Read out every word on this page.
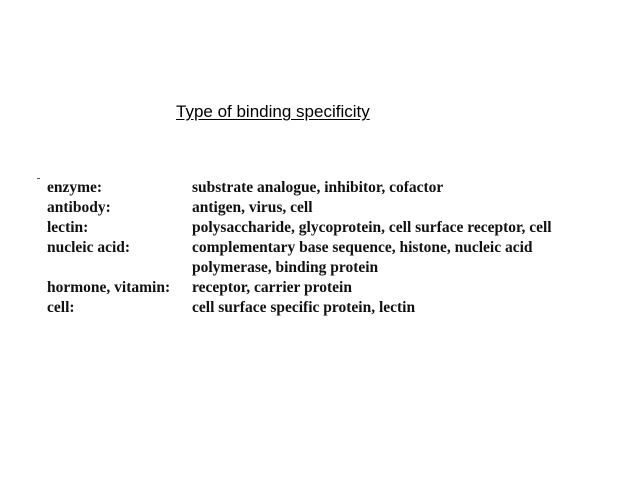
Type of binding specificity
enzyme:	substrate analogue, inhibitor, cofactor
antibody:	antigen, virus, cell
lectin:	polysaccharide, glycoprotein, cell surface receptor, cell
nucleic acid:	complementary base sequence, histone, nucleic acid
polymerase, binding protein
hormone, vitamin: receptor, carrier protein
cell:	cell surface specific protein, lectin
